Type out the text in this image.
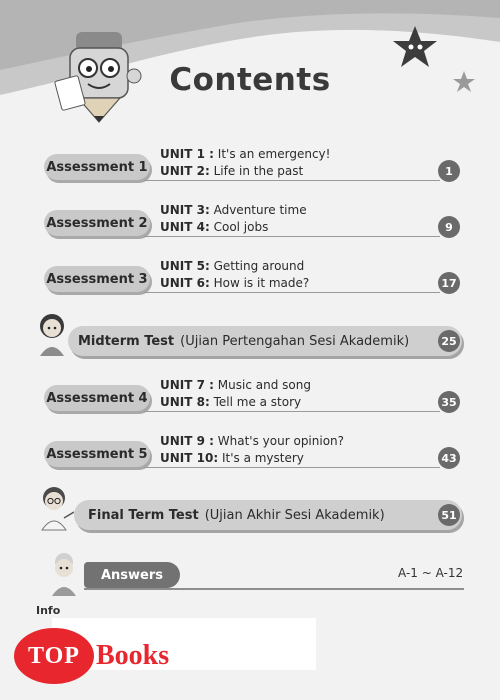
Contents
Assessment 1
UNIT 1 : It's an emergency!
UNIT 2: Life in the past	1
Assessment 2
UNIT 3: Adventure time
UNIT 4: Cool jobs	9
Assessment 3
UNIT 5: Getting around
UNIT 6: How is it made?	17
Midterm Test (Ujian Pertengahan Sesi Akademik)	25
Assessment 4
UNIT 7 : Music and song
UNIT 8: Tell me a story	35
Assessment 5
UNIT 9 : What's your opinion?
UNIT 10: It's a mystery	43
Final Term Test (Ujian Akhir Sesi Akademik)	51
Answers	A-1 ~ A-12
Info
TOP Books
